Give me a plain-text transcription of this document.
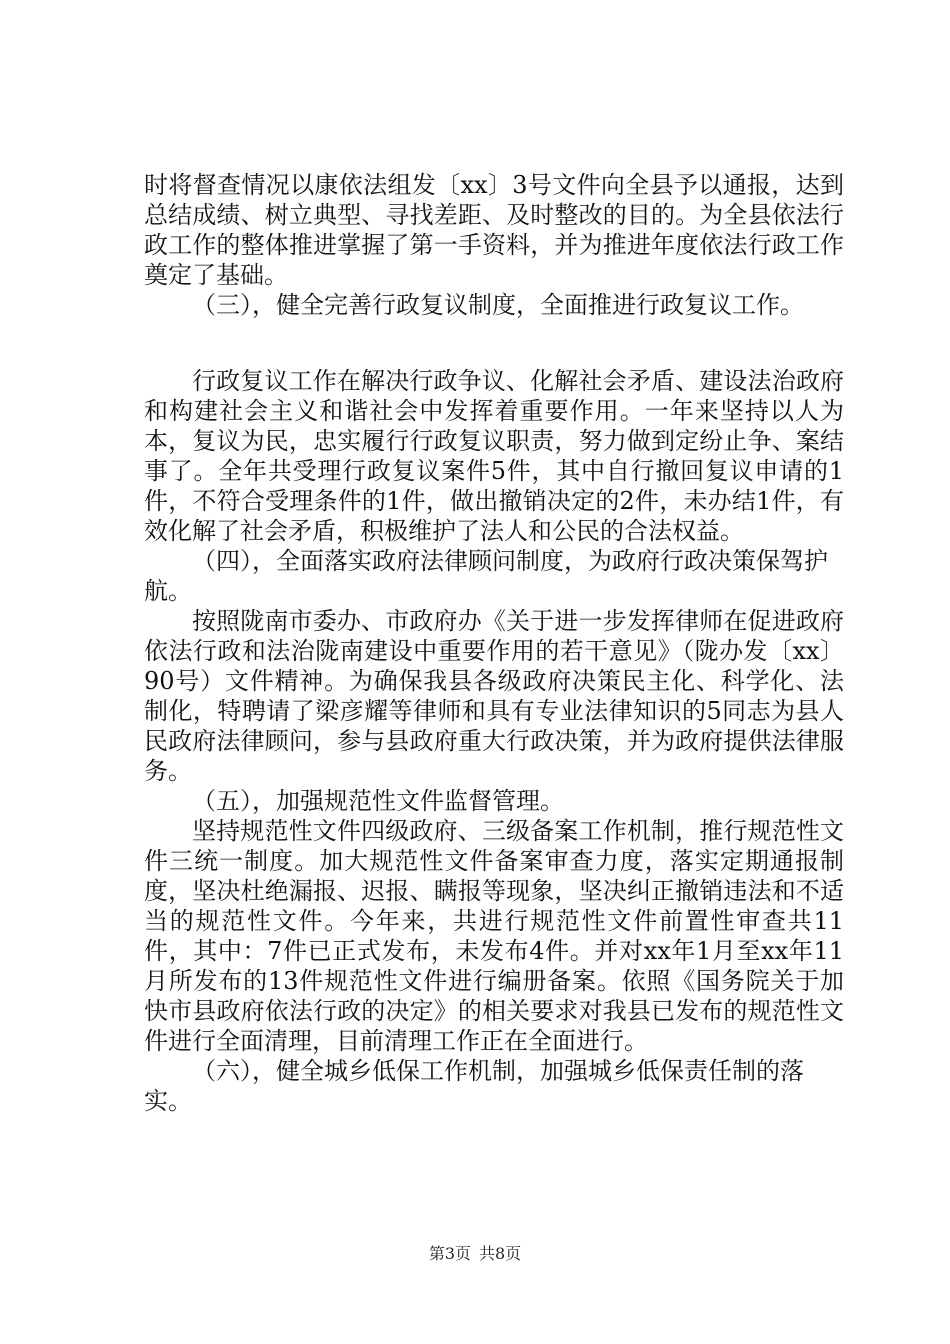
时将督查情况以康依法组发〔xx〕3号文件向全县予以通报，达到总结成绩、树立典型、寻找差距、及时整改的目的。为全县依法行政工作的整体推进掌握了第一手资料，并为推进年度依法行政工作奠定了基础。

（三），健全完善行政复议制度，全面推进行政复议工作。

行政复议工作在解决行政争议、化解社会矛盾、建设法治政府和构建社会主义和谐社会中发挥着重要作用。一年来坚持以人为本，复议为民，忠实履行行政复议职责，努力做到定纷止争、案结事了。全年共受理行政复议案件5件，其中自行撤回复议申请的1件，不符合受理条件的1件，做出撤销决定的2件，未办结1件，有效化解了社会矛盾，积极维护了法人和公民的合法权益。

（四），全面落实政府法律顾问制度，为政府行政决策保驾护航。

按照陇南市委办、市政府办《关于进一步发挥律师在促进政府依法行政和法治陇南建设中重要作用的若干意见》（陇办发〔xx〕90号）文件精神。为确保我县各级政府决策民主化、科学化、法制化，特聘请了梁彦耀等律师和具有专业法律知识的5同志为县人民政府法律顾问，参与县政府重大行政决策，并为政府提供法律服务。

（五），加强规范性文件监督管理。

坚持规范性文件四级政府、三级备案工作机制，推行规范性文件三统一制度。加大规范性文件备案审查力度，落实定期通报制度，坚决杜绝漏报、迟报、瞒报等现象，坚决纠正撤销违法和不适当的规范性文件。今年来，共进行规范性文件前置性审查共11件，其中：7件已正式发布，未发布4件。并对xx年1月至xx年11月所发布的13件规范性文件进行编册备案。依照《国务院关于加快市县政府依法行政的决定》的相关要求对我县已发布的规范性文件进行全面清理，目前清理工作正在全面进行。

（六），健全城乡低保工作机制，加强城乡低保责任制的落实。

第3页 共8页
